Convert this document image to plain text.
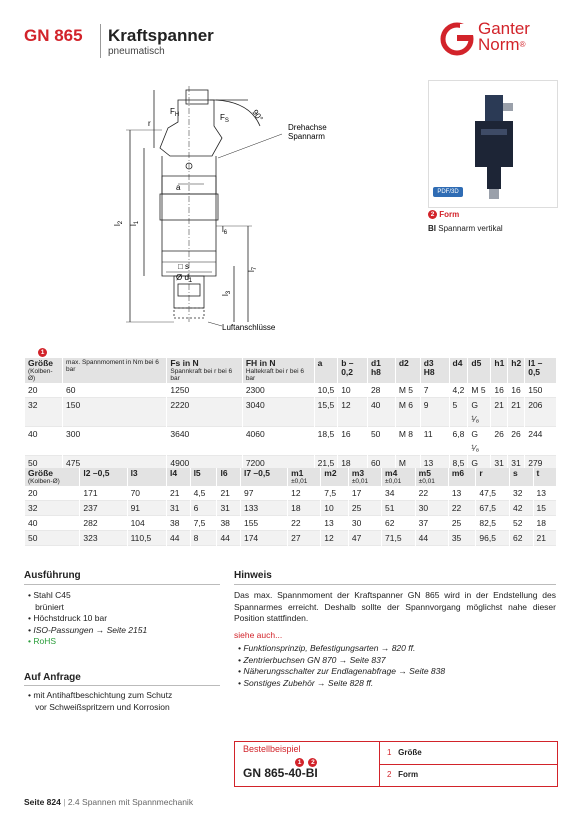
GN 865 Kraftspanner
pneumatisch
Ganter
Norm®
$F_H$	$F_S$	90°
r	Drehachse
Spannarm
a
$l_2$
$l_1$
$l_6$
$l_7$
$l_3$
□ s
Ø $d_1$
Luftanschlüsse
PDF/3D
2 Form
BI Spannarm vertikal
1
Größe
(Kolben-Ø)	max. Spannmoment in Nm bei 6 bar	Fs in N
Spannkraft bei r bei 6 bar	FH in N
Haltekraft bei r bei 6 bar	a	b –0,2	d1 h8	d2	d3 H8	d4	d5	h1	h2	l1 –0,5

20	60	1250	2300	10,5	10	28	M 5	7	4,2	M 5	16	16	150
32	150	2220	3040	15,5	12	40	M 6	9	5	G ¹⁄₈	21	21	206
40	300	3640	4060	18,5	16	50	M 8	11	6,8	G ¹⁄₈	26	26	244
50	475	4900	7200	21,5	18	60	M 10	13	8,5	G ¹⁄₈	31	31	279
Größe
(Kolben-Ø)	l2 –0,5	l3	l4	l5	l6	l7 –0,5	m1
±0,01	m2	m3
±0,01	m4
±0,01	m5
±0,01	m6	r	s	t

20	171	70	21	4,5	21	97	12	7,5	17	34	22	13	47,5	32	13
32	237	91	31	6	31	133	18	10	25	51	30	22	67,5	42	15
40	282	104	38	7,5	38	155	22	13	30	62	37	25	82,5	52	18
50	323	110,5	44	8	44	174	27	12	47	71,5	44	35	96,5	62	21
Ausführung
• Stahl C45
brüniert
• Höchstdruck 10 bar
• ISO-Passungen → Seite 2151
• RoHS
Auf Anfrage
• mit Antihaftbeschichtung zum Schutz
vor Schweißspritzern und Korrosion
Hinweis
Das max. Spannmoment der Kraftspanner GN 865 wird in der Endstellung des Spannarmes erreicht. Deshalb sollte der Spannvorgang möglichst nahe dieser Position stattfinden.
siehe auch...
• Funktionsprinzip, Befestigungsarten → 820 ff.
• Zentrierbuchsen GN 870 → Seite 837
• Näherungsschalter zur Endlagenabfrage → Seite 838
• Sonstiges Zubehör → Seite 828 ff.
Bestellbeispiel
1 2
GN 865-40-BI
1 Größe
2 Form
Seite 824 | 2.4 Spannen mit Spannmechanik
